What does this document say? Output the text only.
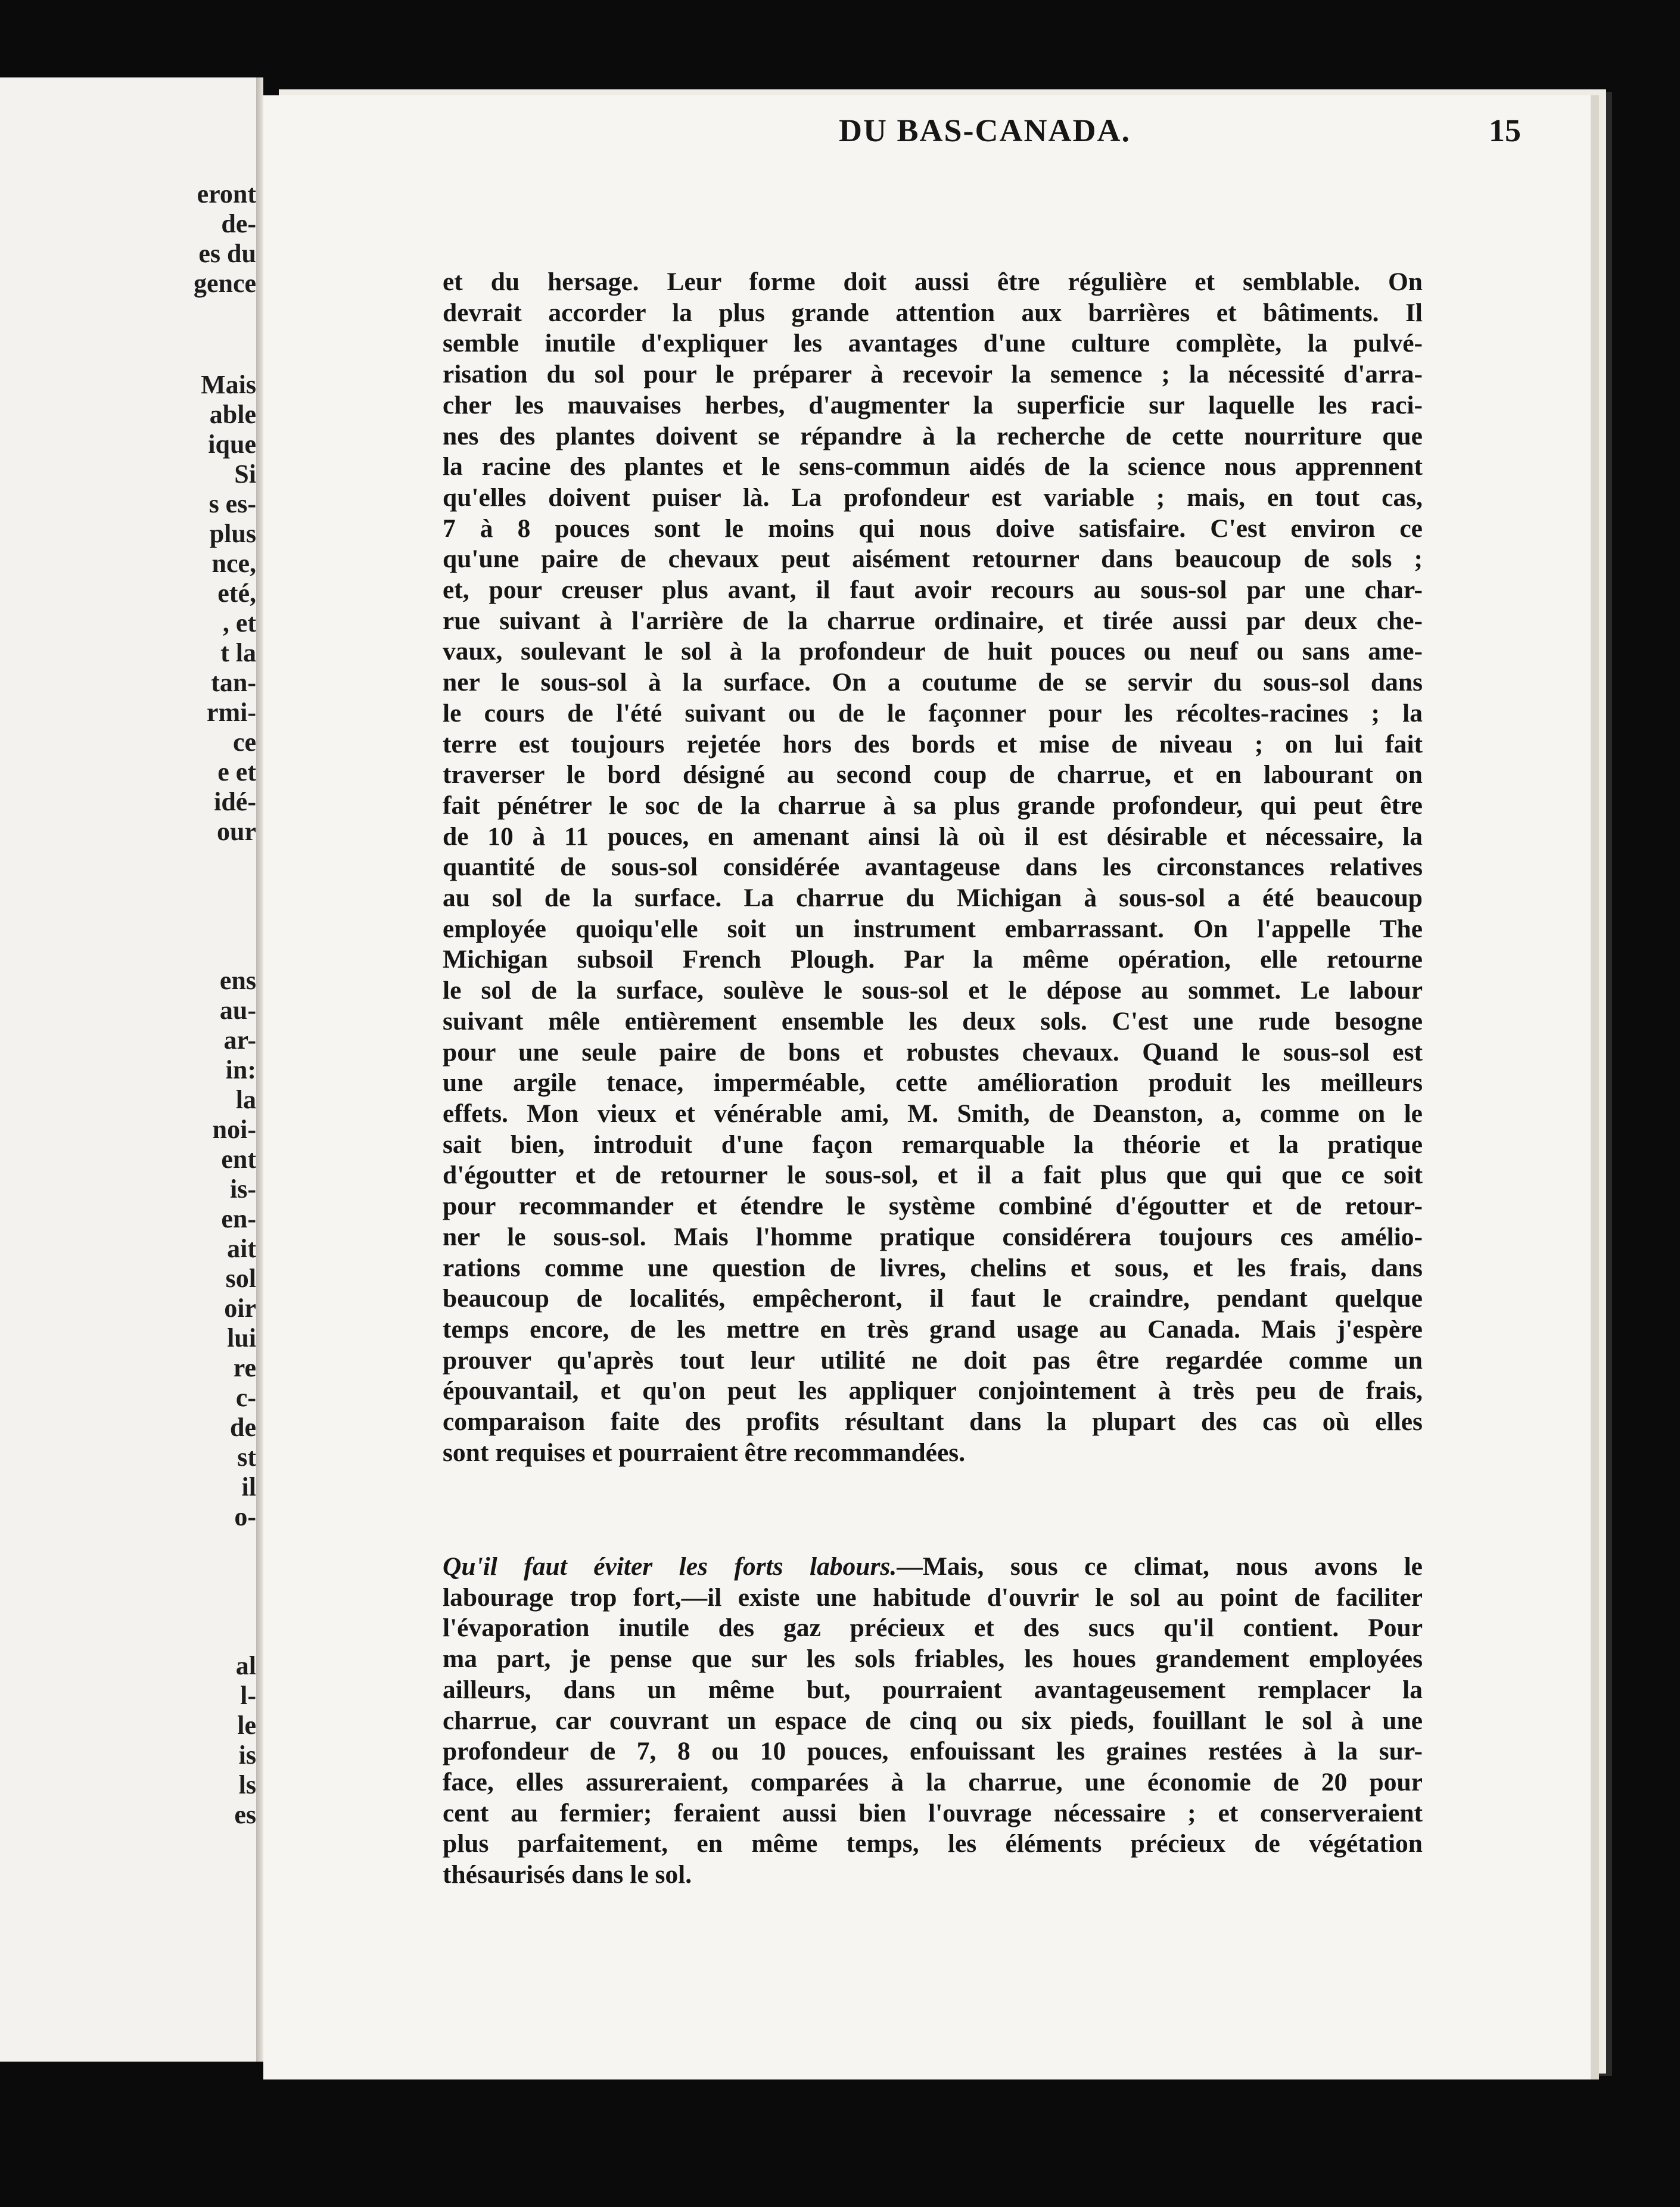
eront
de-
es du
gence
Mais
able
ique
Si
s es-
plus
nce,
eté,
, et
t la
tan-
rmi-
ce
e et
idé-
our
ens
au-
ar-
in:
la
noi-
ent
is-
en-
ait
sol
oir
lui
re
c-
de
st
il
o-
al
l-
le
is
ls
es
DU BAS-CANADA.	15

et du hersage. Leur forme doit aussi être régulière et semblable. On
devrait accorder la plus grande attention aux barrières et bâtiments. Il
semble inutile d'expliquer les avantages d'une culture complète, la pulvé-
risation du sol pour le préparer à recevoir la semence ; la nécessité d'arra-
cher les mauvaises herbes, d'augmenter la superficie sur laquelle les raci-
nes des plantes doivent se répandre à la recherche de cette nourriture que
la racine des plantes et le sens-commun aidés de la science nous apprennent
qu'elles doivent puiser là. La profondeur est variable ; mais, en tout cas,
7 à 8 pouces sont le moins qui nous doive satisfaire. C'est environ ce
qu'une paire de chevaux peut aisément retourner dans beaucoup de sols ;
et, pour creuser plus avant, il faut avoir recours au sous-sol par une char-
rue suivant à l'arrière de la charrue ordinaire, et tirée aussi par deux che-
vaux, soulevant le sol à la profondeur de huit pouces ou neuf ou sans ame-
ner le sous-sol à la surface. On a coutume de se servir du sous-sol dans
le cours de l'été suivant ou de le façonner pour les récoltes-racines ; la
terre est toujours rejetée hors des bords et mise de niveau ; on lui fait
traverser le bord désigné au second coup de charrue, et en labourant on
fait pénétrer le soc de la charrue à sa plus grande profondeur, qui peut être
de 10 à 11 pouces, en amenant ainsi là où il est désirable et nécessaire, la
quantité de sous-sol considérée avantageuse dans les circonstances relatives
au sol de la surface. La charrue du Michigan à sous-sol a été beaucoup
employée quoiqu'elle soit un instrument embarrassant. On l'appelle The
Michigan subsoil French Plough. Par la même opération, elle retourne
le sol de la surface, soulève le sous-sol et le dépose au sommet. Le labour
suivant mêle entièrement ensemble les deux sols. C'est une rude besogne
pour une seule paire de bons et robustes chevaux. Quand le sous-sol est
une argile tenace, imperméable, cette amélioration produit les meilleurs
effets. Mon vieux et vénérable ami, M. Smith, de Deanston, a, comme on le
sait bien, introduit d'une façon remarquable la théorie et la pratique
d'égoutter et de retourner le sous-sol, et il a fait plus que qui que ce soit
pour recommander et étendre le système combiné d'égoutter et de retour-
ner le sous-sol. Mais l'homme pratique considérera toujours ces amélio-
rations comme une question de livres, chelins et sous, et les frais, dans
beaucoup de localités, empêcheront, il faut le craindre, pendant quelque
temps encore, de les mettre en très grand usage au Canada. Mais j'espère
prouver qu'après tout leur utilité ne doit pas être regardée comme un
épouvantail, et qu'on peut les appliquer conjointement à très peu de frais,
comparaison faite des profits résultant dans la plupart des cas où elles
sont requises et pourraient être recommandées.

Qu'il faut éviter les forts labours.—Mais, sous ce climat, nous avons le
labourage trop fort,—il existe une habitude d'ouvrir le sol au point de faciliter
l'évaporation inutile des gaz précieux et des sucs qu'il contient. Pour
ma part, je pense que sur les sols friables, les houes grandement employées
ailleurs, dans un même but, pourraient avantageusement remplacer la
charrue, car couvrant un espace de cinq ou six pieds, fouillant le sol à une
profondeur de 7, 8 ou 10 pouces, enfouissant les graines restées à la sur-
face, elles assureraient, comparées à la charrue, une économie de 20 pour
cent au fermier; feraient aussi bien l'ouvrage nécessaire ; et conserveraient
plus parfaitement, en même temps, les éléments précieux de végétation
thésaurisés dans le sol.
